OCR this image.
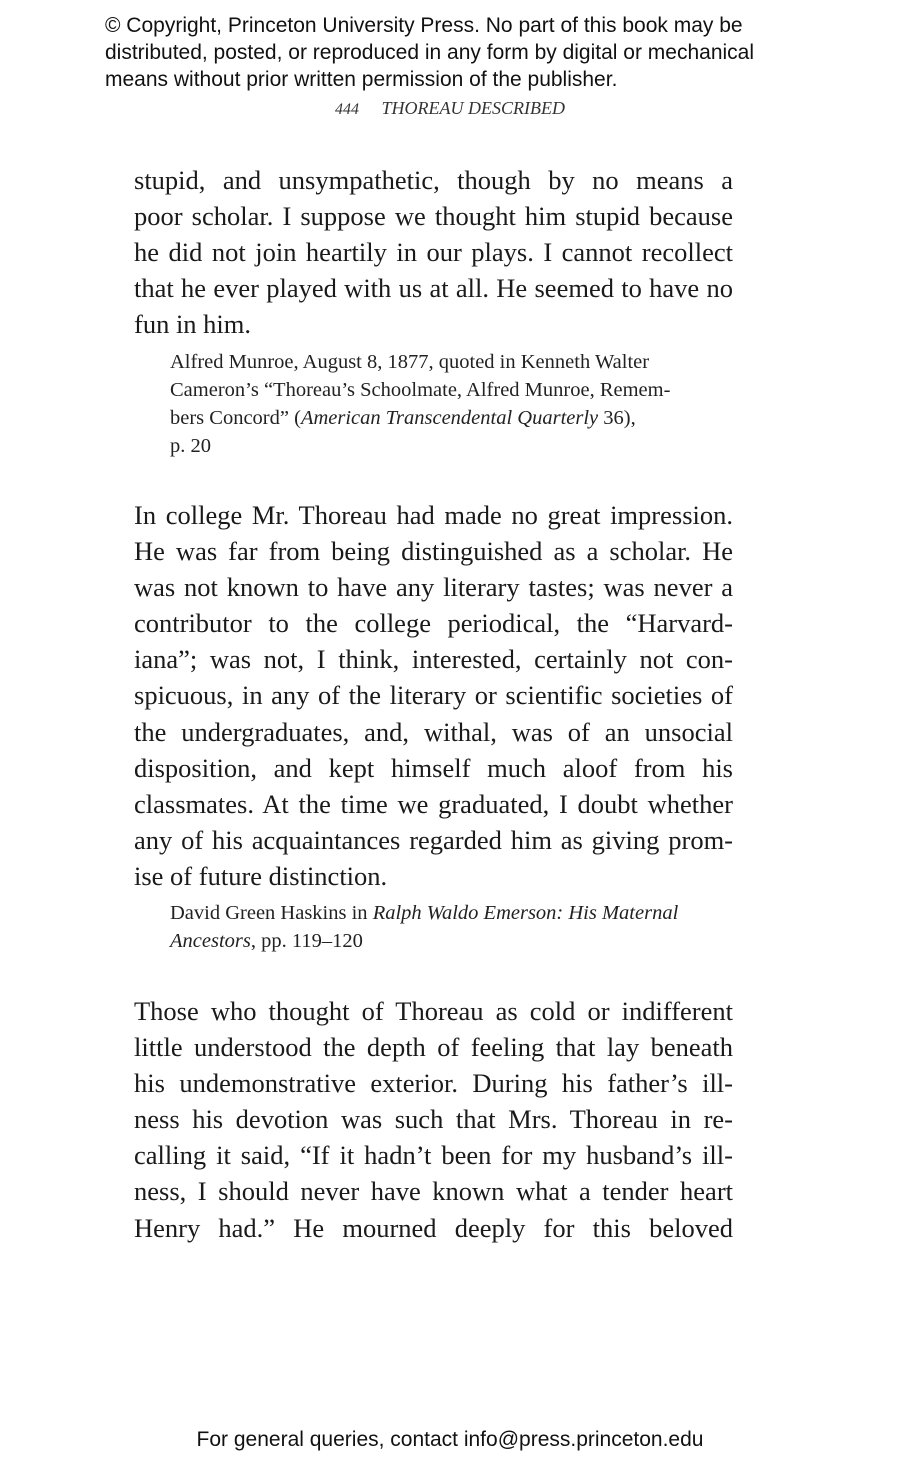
© Copyright, Princeton University Press. No part of this book may be
distributed, posted, or reproduced in any form by digital or mechanical
means without prior written permission of the publisher.
444 THOREAU DESCRIBED
stupid, and unsympathetic, though by no means a
poor scholar. I suppose we thought him stupid because
he did not join heartily in our plays. I cannot recollect
that he ever played with us at all. He seemed to have no
fun in him.
Alfred Munroe, August 8, 1877, quoted in Kenneth Walter
Cameron’s “Thoreau’s Schoolmate, Alfred Munroe, Remem-
bers Concord” (American Transcendental Quarterly 36),
p. 20
In college Mr. Thoreau had made no great impression.
He was far from being distinguished as a scholar. He
was not known to have any literary tastes; was never a
contributor to the college periodical, the “Harvard-
iana”; was not, I think, interested, certainly not con-
spicuous, in any of the literary or scientific societies of
the undergraduates, and, withal, was of an unsocial
disposition, and kept himself much aloof from his
classmates. At the time we graduated, I doubt whether
any of his acquaintances regarded him as giving prom-
ise of future distinction.
David Green Haskins in Ralph Waldo Emerson: His Maternal
Ancestors, pp. 119–120
Those who thought of Thoreau as cold or indifferent
little understood the depth of feeling that lay beneath
his undemonstrative exterior. During his father’s ill-
ness his devotion was such that Mrs. Thoreau in re-
calling it said, “If it hadn’t been for my husband’s ill-
ness, I should never have known what a tender heart
Henry had.” He mourned deeply for this beloved
For general queries, contact info@press.princeton.edu
